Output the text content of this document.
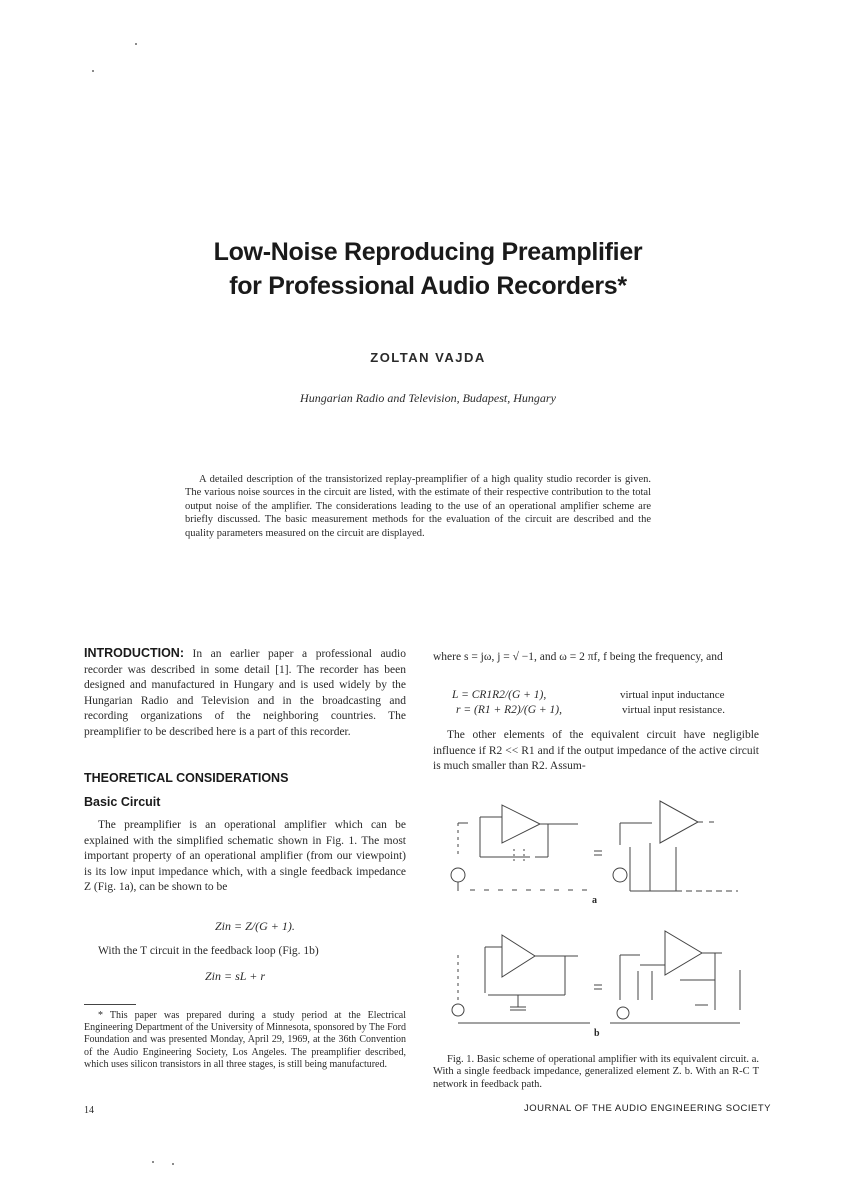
Low-Noise Reproducing Preamplifier
for Professional Audio Recorders*
ZOLTAN VAJDA
Hungarian Radio and Television, Budapest, Hungary
A detailed description of the transistorized replay-preamplifier of a high quality studio recorder is given. The various noise sources in the circuit are listed, with the estimate of their respective contribution to the total output noise of the amplifier. The considerations leading to the use of an operational amplifier scheme are briefly discussed. The basic measurement methods for the evaluation of the circuit are described and the quality parameters measured on the circuit are displayed.

INTRODUCTION: In an earlier paper a professional audio recorder was described in some detail [1]. The recorder has been designed and manufactured in Hungary and is used widely by the Hungarian Radio and Television and in the broadcasting and recording organizations of the neighboring countries. The preamplifier to be described here is a part of this recorder.

THEORETICAL CONSIDERATIONS
Basic Circuit
The preamplifier is an operational amplifier which can be explained with the simplified schematic shown in Fig. 1. The most important property of an operational amplifier (from our viewpoint) is its low input impedance which, with a single feedback impedance Z (Fig. 1a), can be shown to be
Zin = Z/(G + 1).
With the T circuit in the feedback loop (Fig. 1b)
Zin = sL + r
* This paper was prepared during a study period at the Electrical Engineering Department of the University of Minnesota, sponsored by The Ford Foundation and was presented Monday, April 29, 1969, at the 36th Convention of the Audio Engineering Society, Los Angeles. The preamplifier described, which uses silicon transistors in all three stages, is still being manufactured.
14
where s = jω, j = √ −1, and ω = 2 πf, f being the frequency, and
L = CR1R2/(G + 1),	virtual input inductance
r = (R1 + R2)/(G + 1),	virtual input resistance.
The other elements of the equivalent circuit have negligible influence if R2 << R1 and if the output impedance of the active circuit is much smaller than R2. Assum-
a
b
Fig. 1. Basic scheme of operational amplifier with its equivalent circuit. a. With a single feedback impedance, generalized element Z. b. With an R-C T network in feedback path.
JOURNAL OF THE AUDIO ENGINEERING SOCIETY
